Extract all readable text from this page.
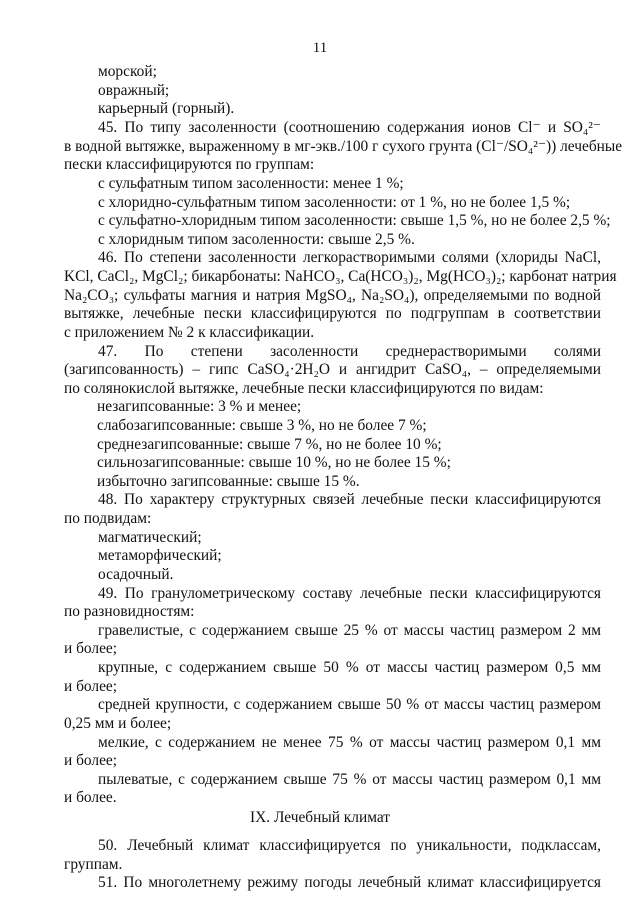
11
морской;
овражный;
карьерный (горный).
45. По типу засоленности (соотношению содержания ионов Cl⁻ и SO₄²⁻
в водной вытяжке, выраженному в мг-экв./100 г сухого грунта (Cl⁻/SO₄²⁻)) лечебные
пески классифицируются по группам:
с сульфатным типом засоленности: менее 1 %;
с хлоридно-сульфатным типом засоленности: от 1 %, но не более 1,5 %;
с сульфатно-хлоридным типом засоленности: свыше 1,5 %, но не более 2,5 %;
с хлоридным типом засоленности: свыше 2,5 %.
46. По степени засоленности легкорастворимыми солями (хлориды NaCl,
KCl, CaCl₂, MgCl₂; бикарбонаты: NaHCO₃, Ca(HCO₃)₂, Mg(HCO₃)₂; карбонат натрия
Na₂CO₃; сульфаты магния и натрия MgSO₄, Na₂SO₄), определяемыми по водной
вытяжке, лечебные пески классифицируются по подгруппам в соответствии
с приложением № 2 к классификации.
47. По степени засоленности среднерастворимыми солями
(загипсованность) – гипс CaSO₄·2H₂O и ангидрит CaSO₄, – определяемыми
по солянокислой вытяжке, лечебные пески классифицируются по видам:
незагипсованные: 3 % и менее;
слабозагипсованные: свыше 3 %, но не более 7 %;
среднезагипсованные: свыше 7 %, но не более 10 %;
сильнозагипсованные: свыше 10 %, но не более 15 %;
избыточно загипсованные: свыше 15 %.
48. По характеру структурных связей лечебные пески классифицируются
по подвидам:
магматический;
метаморфический;
осадочный.
49. По гранулометрическому составу лечебные пески классифицируются
по разновидностям:
гравелистые, с содержанием свыше 25 % от массы частиц размером 2 мм
и более;
крупные, с содержанием свыше 50 % от массы частиц размером 0,5 мм
и более;
средней крупности, с содержанием свыше 50 % от массы частиц размером
0,25 мм и более;
мелкие, с содержанием не менее 75 % от массы частиц размером 0,1 мм
и более;
пылеватые, с содержанием свыше 75 % от массы частиц размером 0,1 мм
и более.
IX. Лечебный климат
50. Лечебный климат классифицируется по уникальности, подклассам,
группам.
51. По многолетнему режиму погоды лечебный климат классифицируется
